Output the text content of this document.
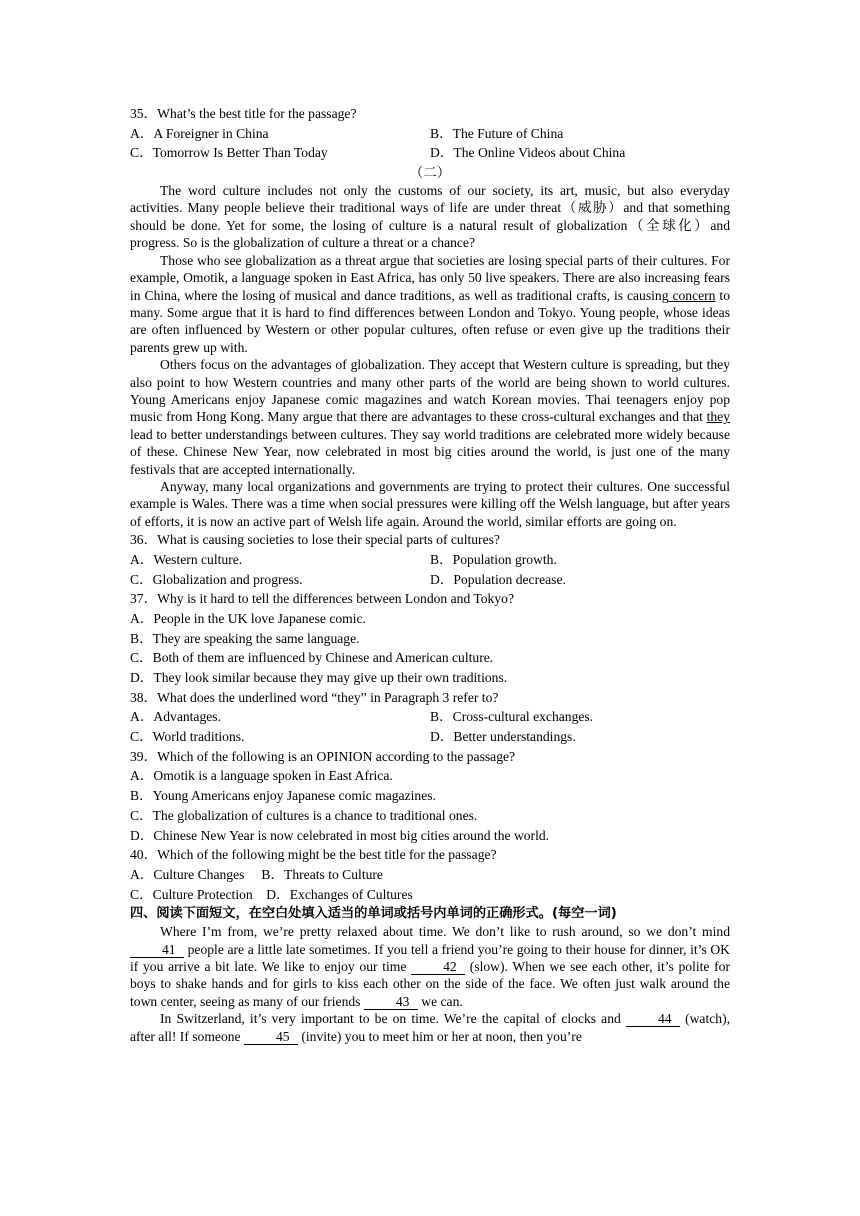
35．What’s the best title for the passage?
A．A Foreigner in China	B．The Future of China
C．Tomorrow Is Better Than Today	D．The Online Videos about China
（二）
The word culture includes not only the customs of our society, its art, music, but also everyday activities. Many people believe their traditional ways of life are under threat（威胁）and that something should be done. Yet for some, the losing of culture is a natural result of globalization（全球化）and progress. So is the globalization of culture a threat or a chance?
Those who see globalization as a threat argue that societies are losing special parts of their cultures. For example, Omotik, a language spoken in East Africa, has only 50 live speakers. There are also increasing fears in China, where the losing of musical and dance traditions, as well as traditional crafts, is causing concern to many. Some argue that it is hard to find differences between London and Tokyo. Young people, whose ideas are often influenced by Western or other popular cultures, often refuse or even give up the traditions their parents grew up with.
Others focus on the advantages of globalization. They accept that Western culture is spreading, but they also point to how Western countries and many other parts of the world are being shown to world cultures. Young Americans enjoy Japanese comic magazines and watch Korean movies. Thai teenagers enjoy pop music from Hong Kong. Many argue that there are advantages to these cross-cultural exchanges and that they lead to better understandings between cultures. They say world traditions are celebrated more widely because of these. Chinese New Year, now celebrated in most big cities around the world, is just one of the many festivals that are accepted internationally.
Anyway, many local organizations and governments are trying to protect their cultures. One successful example is Wales. There was a time when social pressures were killing off the Welsh language, but after years of efforts, it is now an active part of Welsh life again. Around the world, similar efforts are going on.
36．What is causing societies to lose their special parts of cultures?
A．Western culture.	B．Population growth.
C．Globalization and progress.	D．Population decrease.
37．Why is it hard to tell the differences between London and Tokyo?
A．People in the UK love Japanese comic.
B．They are speaking the same language.
C．Both of them are influenced by Chinese and American culture.
D．They look similar because they may give up their own traditions.
38．What does the underlined word “they” in Paragraph 3 refer to?
A．Advantages.	B．Cross-cultural exchanges.
C．World traditions.	D．Better understandings.
39．Which of the following is an OPINION according to the passage?
A．Omotik is a language spoken in East Africa.
B．Young Americans enjoy Japanese comic magazines.
C．The globalization of cultures is a chance to traditional ones.
D．Chinese New Year is now celebrated in most big cities around the world.
40．Which of the following might be the best title for the passage?
A．Culture Changes　 B．Threats to Culture
C．Culture Protection　D．Exchanges of Cultures
四、阅读下面短文，在空白处填入适当的单词或括号内单词的正确形式。(每空一词)
Where I’m from, we’re pretty relaxed about time. We don’t like to rush around, so we don’t mind 41 people are a little late sometimes. If you tell a friend you’re going to their house for dinner, it’s OK if you arrive a bit late. We like to enjoy our time 42 (slow). When we see each other, it’s polite for boys to shake hands and for girls to kiss each other on the side of the face. We often just walk around the town center, seeing as many of our friends 43 we can.
In Switzerland, it’s very important to be on time. We’re the capital of clocks and 44 (watch), after all! If someone 45 (invite) you to meet him or her at noon, then you’re
